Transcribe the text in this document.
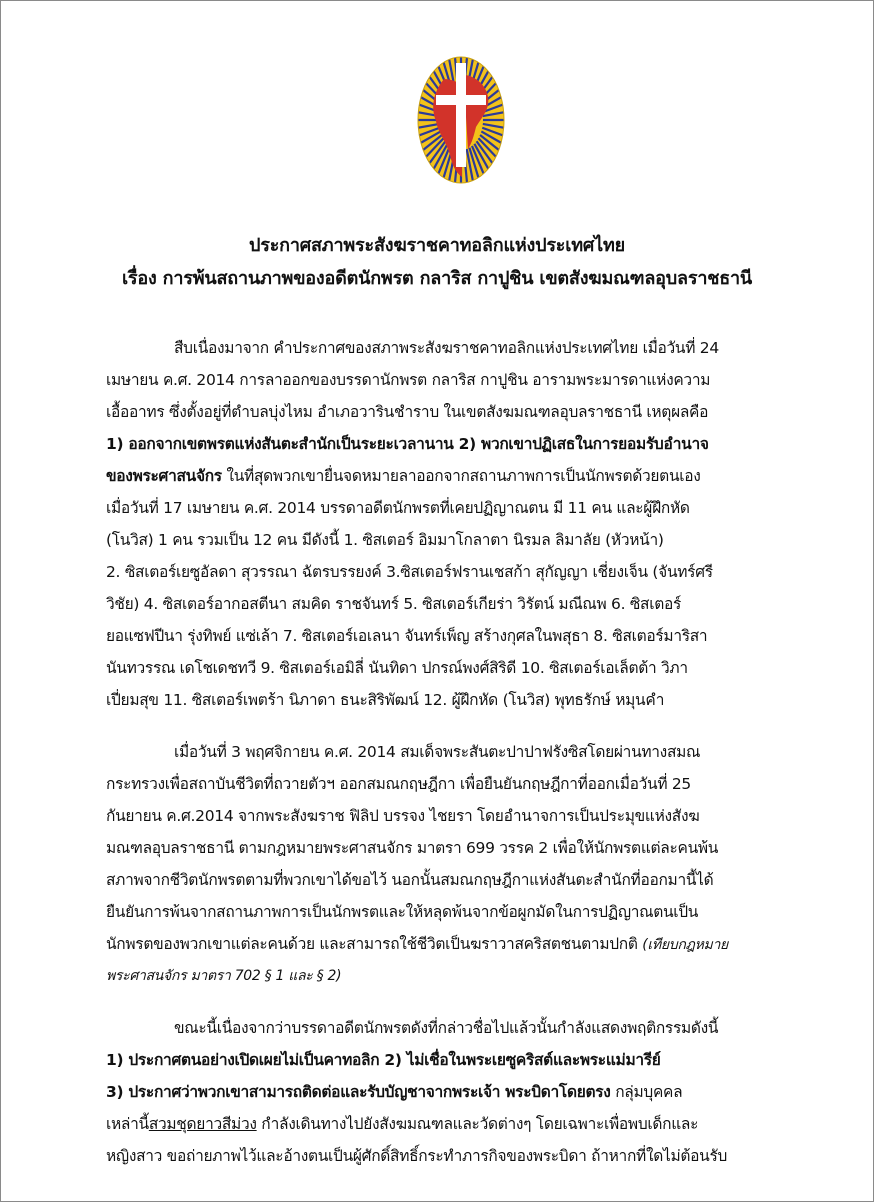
ประกาศสภาพระสังฆราชคาทอลิกแห่งประเทศไทย
เรื่อง การพ้นสถานภาพของอดีตนักพรต กลาริส กาปูชิน เขตสังฆมณฑลอุบลราชธานี
สืบเนื่องมาจาก คำประกาศของสภาพระสังฆราชคาทอลิกแห่งประเทศไทย เมื่อวันที่ 24
เมษายน ค.ศ. 2014 การลาออกของบรรดานักพรต กลาริส กาปูชิน อารามพระมารดาแห่งความ
เอื้ออาทร ซึ่งตั้งอยู่ที่ตำบลบุ่งไหม อำเภอวารินชำราบ ในเขตสังฆมณฑลอุบลราชธานี เหตุผลคือ
1) ออกจากเขตพรตแห่งสันตะสำนักเป็นระยะเวลานาน 2) พวกเขาปฏิเสธในการยอมรับอำนาจ
ของพระศาสนจักร ในที่สุดพวกเขายื่นจดหมายลาออกจากสถานภาพการเป็นนักพรตด้วยตนเอง
เมื่อวันที่ 17 เมษายน ค.ศ. 2014 บรรดาอดีตนักพรตที่เคยปฏิญาณตน มี 11 คน และผู้ฝึกหัด
(โนวิส) 1 คน รวมเป็น 12 คน มีดังนี้ 1. ซิสเตอร์ อิมมาโกลาตา นิรมล ลิมาลัย (หัวหน้า)
2. ซิสเตอร์เยซูอัลดา สุวรรณา ฉัตรบรรยงค์ 3.ซิสเตอร์ฟรานเชสก้า สุกัญญา เชี่ยงเจ็น (จันทร์ศรี
วิชัย) 4. ซิสเตอร์อากอสตีนา สมคิด ราชจันทร์ 5. ซิสเตอร์เกียร่า วิรัตน์ มณีณพ 6. ซิสเตอร์
ยอแซฟปีนา รุ่งทิพย์ แซ่เล้า 7. ซิสเตอร์เอเลนา จันทร์เพ็ญ สร้างกุศลในพสุธา 8. ซิสเตอร์มาริสา
นันทวรรณ เดโชเดชทวี 9. ซิสเตอร์เอมิลี่ นันทิดา ปกรณ์พงศ์สิริดี 10. ซิสเตอร์เอเล็ตต้า วิภา
เปี่ยมสุข 11. ซิสเตอร์เพตร้า นิภาดา ธนะสิริพัฒน์ 12. ผู้ฝึกหัด (โนวิส) พุทธรักษ์ หมุนคำ
เมื่อวันที่ 3 พฤศจิกายน ค.ศ. 2014 สมเด็จพระสันตะปาปาฟรังซิสโดยผ่านทางสมณ
กระทรวงเพื่อสถาบันชีวิตที่ถวายตัวฯ ออกสมณกฤษฎีกา เพื่อยืนยันกฤษฎีกาที่ออกเมื่อวันที่ 25
กันยายน ค.ศ.2014 จากพระสังฆราช ฟิลิป บรรจง ไชยรา โดยอำนาจการเป็นประมุขแห่งสังฆ
มณฑลอุบลราชธานี ตามกฎหมายพระศาสนจักร มาตรา 699 วรรค 2 เพื่อให้นักพรตแต่ละคนพ้น
สภาพจากชีวิตนักพรตตามที่พวกเขาได้ขอไว้ นอกนั้นสมณกฤษฎีกาแห่งสันตะสำนักที่ออกมานี้ได้
ยืนยันการพ้นจากสถานภาพการเป็นนักพรตและให้หลุดพ้นจากข้อผูกมัดในการปฏิญาณตนเป็น
นักพรตของพวกเขาแต่ละคนด้วย และสามารถใช้ชีวิตเป็นฆราวาสคริสตชนตามปกติ (เทียบกฎหมาย
พระศาสนจักร มาตรา 702 § 1 และ § 2)
ขณะนี้เนื่องจากว่าบรรดาอดีตนักพรตดังที่กล่าวชื่อไปแล้วนั้นกำลังแสดงพฤติกรรมดังนี้
1) ประกาศตนอย่างเปิดเผยไม่เป็นคาทอลิก 2) ไม่เชื่อในพระเยซูคริสต์และพระแม่มารีย์
3) ประกาศว่าพวกเขาสามารถติดต่อและรับบัญชาจากพระเจ้า พระบิดาโดยตรง กลุ่มบุคคล
เหล่านี้สวมชุดยาวสีม่วง กำลังเดินทางไปยังสังฆมณฑลและวัดต่างๆ โดยเฉพาะเพื่อพบเด็กและ
หญิงสาว ขอถ่ายภาพไว้และอ้างตนเป็นผู้ศักดิ์สิทธิ์กระทำภารกิจของพระบิดา ถ้าหากที่ใดไม่ต้อนรับ
